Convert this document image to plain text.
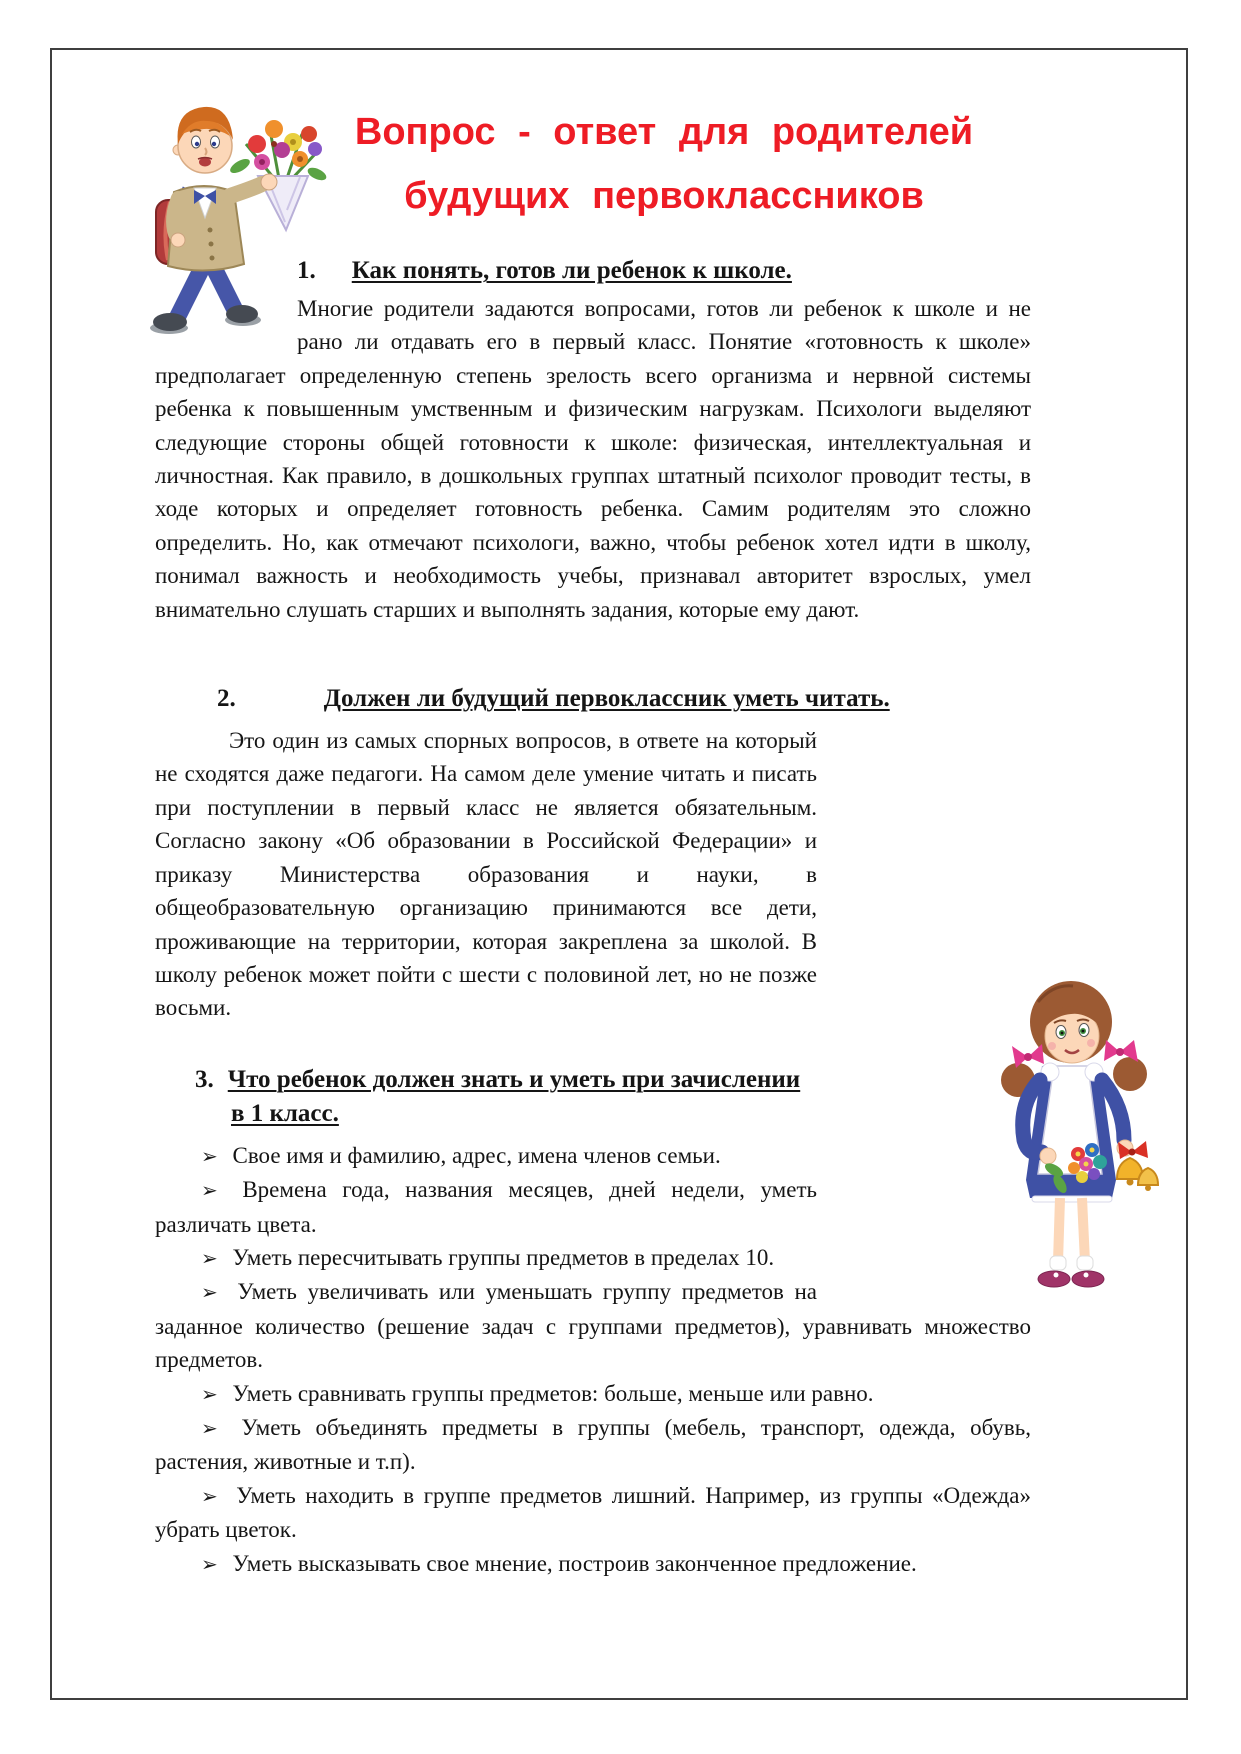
Вопрос - ответ для родителей
будущих первоклассников
1. Как понять, готов ли ребенок к школе.

Многие родители задаются вопросами, готов ли ребенок к школе и не рано ли отдавать его в первый класс. Понятие «готовность к школе» предполагает определенную степень зрелость всего организма и нервной системы ребенка к повышенным умственным и физическим нагрузкам. Психологи выделяют следующие стороны общей готовности к школе: физическая, интеллектуальная и личностная. Как правило, в дошкольных группах штатный психолог проводит тесты, в ходе которых и определяет готовность ребенка. Самим родителям это сложно определить. Но, как отмечают психологи, важно, чтобы ребенок хотел идти в школу, понимал важность и необходимость учебы, признавал авторитет взрослых, умел внимательно слушать старших и выполнять задания, которые ему дают.

2.	Должен ли будущий первоклассник уметь читать.

Это один из самых спорных вопросов, в ответе на который не сходятся даже педагоги. На самом деле умение читать и писать при поступлении в первый класс не является обязательным. Согласно закону «Об образовании в Российской Федерации» и приказу Министерства образования и науки, в общеобразовательную организацию принимаются все дети, проживающие на территории, которая закреплена за школой. В школу ребенок может пойти с шести с половиной лет, но не позже восьми.

3. Что ребенок должен знать и уметь при зачислении в 1 класс.
➢ Свое имя и фамилию, адрес, имена членов семьи.
➢ Времена года, названия месяцев, дней недели, уметь различать цвета.
➢ Уметь пересчитывать группы предметов в пределах 10.
➢ Уметь увеличивать или уменьшать группу предметов на заданное количество (решение задач с группами предметов), уравнивать множество предметов.
➢ Уметь сравнивать группы предметов: больше, меньше или равно.
➢ Уметь объединять предметы в группы (мебель, транспорт, одежда, обувь, растения, животные и т.п).
➢ Уметь находить в группе предметов лишний. Например, из группы «Одежда» убрать цветок.
➢ Уметь высказывать свое мнение, построив законченное предложение.
